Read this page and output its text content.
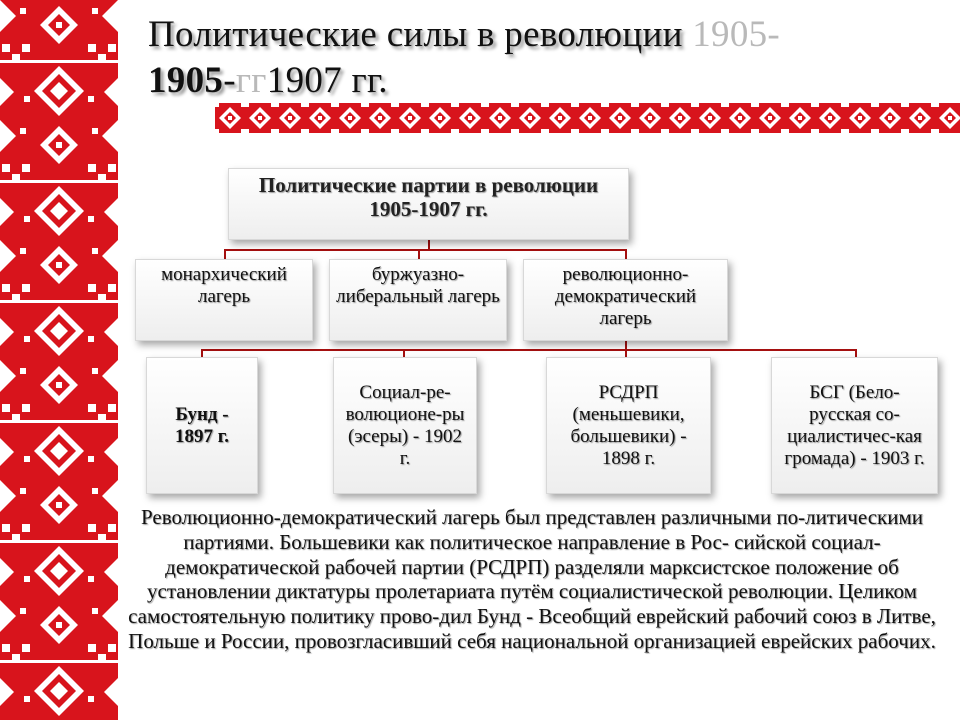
Политические силы в революции 1905-
1905-гг1907 гг.
Политические партии в революции 1905-1907 гг.
монархический лагерь
буржуазно-либеральный лагерь
революционно-демократический лагерь
Бунд - 1897 г.
Социал-ре-волюционе-ры (эсеры) - 1902 г.
РСДРП (меньшевики, большевики) - 1898 г.
БСГ (Бело-русская со-циалистичес-кая громада) - 1903 г.
Революционно-демократический лагерь был представлен различными по-литическими партиями. Большевики как политическое направление в Рос- сийской социал-демократической рабочей партии (РСДРП) разделяли марксистское положение об установлении диктатуры пролетариата путём социалистической революции. Целиком самостоятельную политику прово-дил Бунд - Всеобщий еврейский рабочий союз в Литве, Польше и России, провозгласивший себя национальной организацией еврейских рабочих.
